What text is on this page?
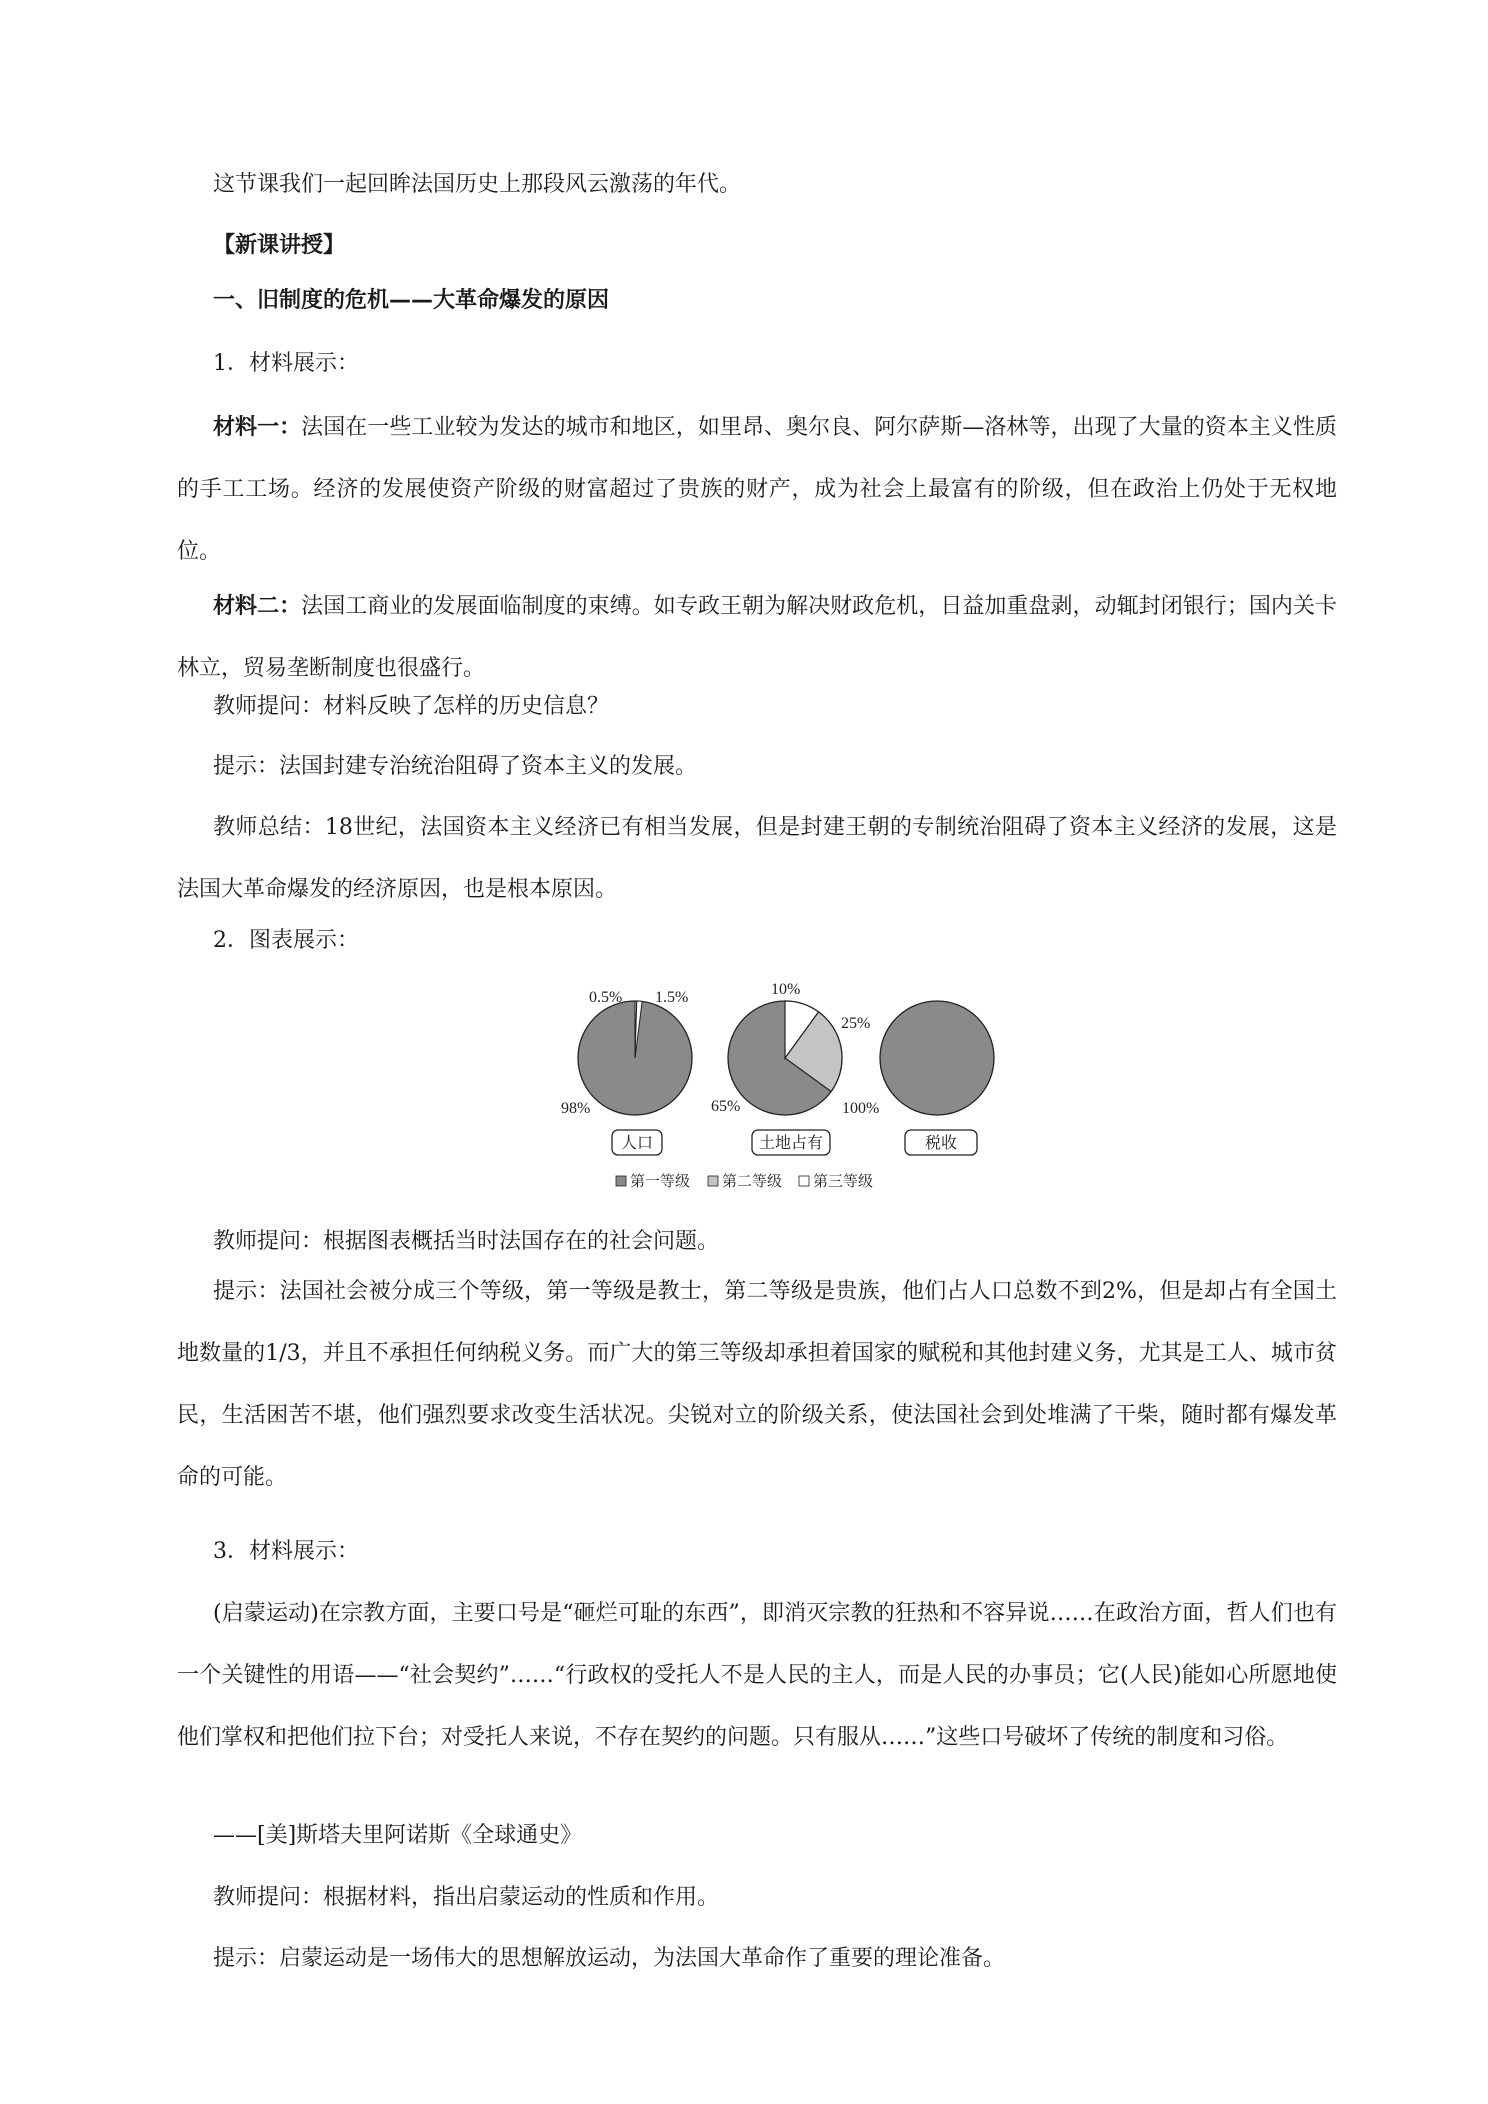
这节课我们一起回眸法国历史上那段风云激荡的年代。
【新课讲授】
一、旧制度的危机——大革命爆发的原因
1．材料展示：

材料一：法国在一些工业较为发达的城市和地区，如里昂、奥尔良、阿尔萨斯—洛林等，出现了大量的资本主义性质的手工工场。经济的发展使资产阶级的财富超过了贵族的财产，成为社会上最富有的阶级，但在政治上仍处于无权地位。

材料二：法国工商业的发展面临制度的束缚。如专政王朝为解决财政危机，日益加重盘剥，动辄封闭银行；国内关卡林立，贸易垄断制度也很盛行。

教师提问：材料反映了怎样的历史信息？
提示：法国封建专治统治阻碍了资本主义的发展。

教师总结：18世纪，法国资本主义经济已有相当发展，但是封建王朝的专制统治阻碍了资本主义经济的发展，这是法国大革命爆发的经济原因，也是根本原因。

2．图表展示：
0.5% 1.5%
98%
人口
10%
25%
65%
土地占有
100%
税收
第一等级 第二等级 第三等级
教师提问：根据图表概括当时法国存在的社会问题。

提示：法国社会被分成三个等级，第一等级是教士，第二等级是贵族，他们占人口总数不到2%，但是却占有全国土地数量的1/3，并且不承担任何纳税义务。而广大的第三等级却承担着国家的赋税和其他封建义务，尤其是工人、城市贫民，生活困苦不堪，他们强烈要求改变生活状况。尖锐对立的阶级关系，使法国社会到处堆满了干柴，随时都有爆发革命的可能。

3．材料展示：

(启蒙运动)在宗教方面，主要口号是“砸烂可耻的东西”，即消灭宗教的狂热和不容异说……在政治方面，哲人们也有一个关键性的用语——“社会契约”……“行政权的受托人不是人民的主人，而是人民的办事员；它(人民)能如心所愿地使他们掌权和把他们拉下台；对受托人来说，不存在契约的问题。只有服从……”这些口号破坏了传统的制度和习俗。

——[美]斯塔夫里阿诺斯《全球通史》
教师提问：根据材料，指出启蒙运动的性质和作用。
提示：启蒙运动是一场伟大的思想解放运动，为法国大革命作了重要的理论准备。
